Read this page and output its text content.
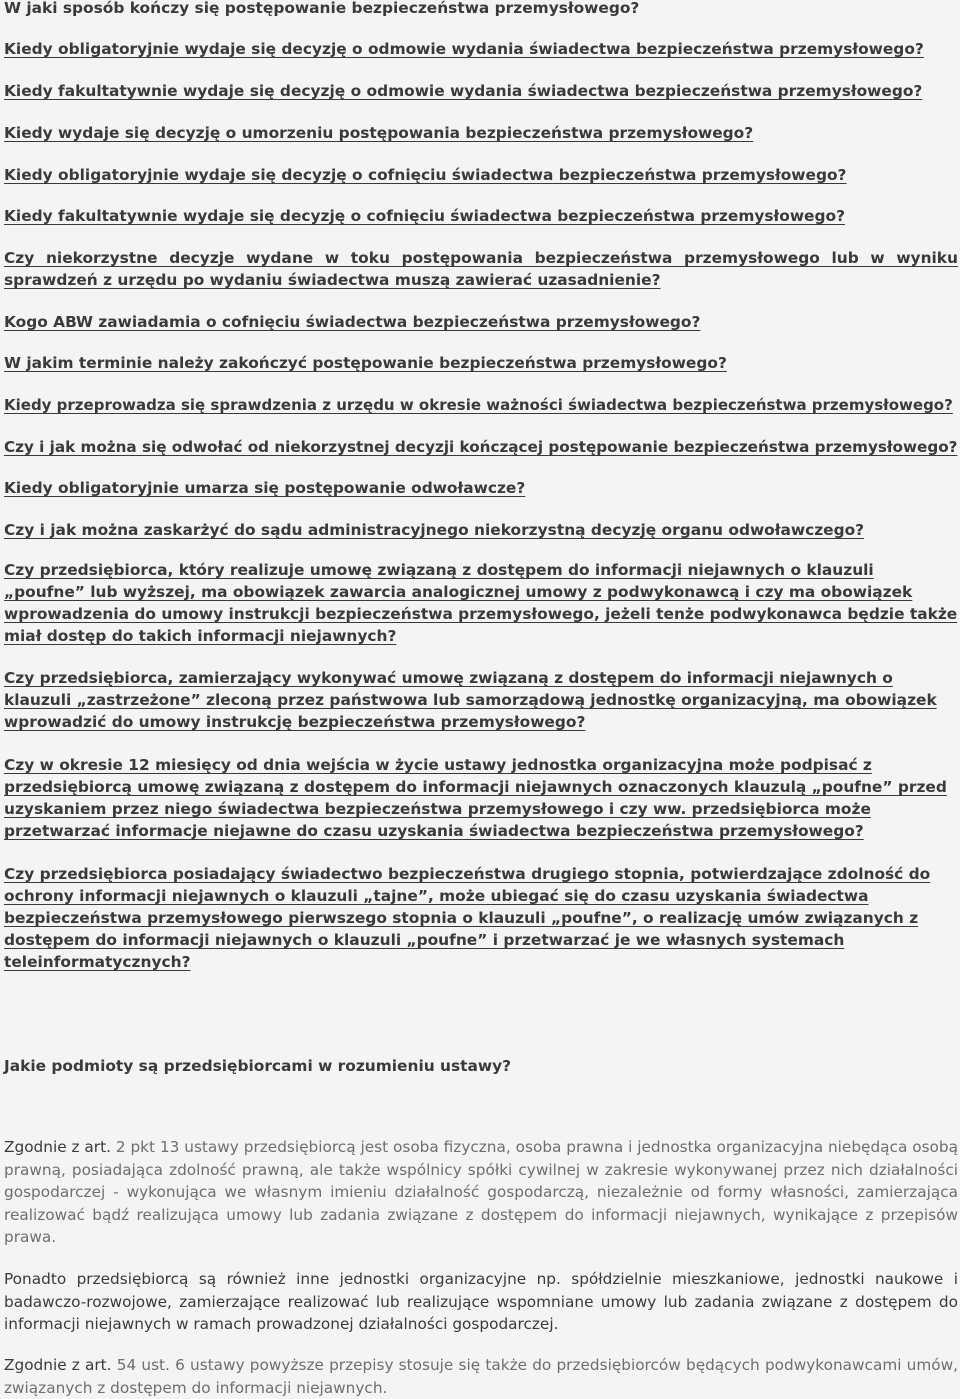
W jaki sposób kończy się postępowanie bezpieczeństwa przemysłowego?
Kiedy obligatoryjnie wydaje się decyzję o odmowie wydania świadectwa bezpieczeństwa przemysłowego?
Kiedy fakultatywnie wydaje się decyzję o odmowie wydania świadectwa bezpieczeństwa przemysłowego?
Kiedy wydaje się decyzję o umorzeniu postępowania bezpieczeństwa przemysłowego?
Kiedy obligatoryjnie wydaje się decyzję o cofnięciu świadectwa bezpieczeństwa przemysłowego?
Kiedy fakultatywnie wydaje się decyzję o cofnięciu świadectwa bezpieczeństwa przemysłowego?
Czy niekorzystne decyzje wydane w toku postępowania bezpieczeństwa przemysłowego lub w wyniku sprawdzeń z urzędu po wydaniu świadectwa muszą zawierać uzasadnienie?
Kogo ABW zawiadamia o cofnięciu świadectwa bezpieczeństwa przemysłowego?
W jakim terminie należy zakończyć postępowanie bezpieczeństwa przemysłowego?
Kiedy przeprowadza się sprawdzenia z urzędu w okresie ważności świadectwa bezpieczeństwa przemysłowego?
Czy i jak można się odwołać od niekorzystnej decyzji kończącej postępowanie bezpieczeństwa przemysłowego?
Kiedy obligatoryjnie umarza się postępowanie odwoławcze?
Czy i jak można zaskarżyć do sądu administracyjnego niekorzystną decyzję organu odwoławczego?
Czy przedsiębiorca, który realizuje umowę związaną z dostępem do informacji niejawnych o klauzuli „poufne” lub wyższej, ma obowiązek zawarcia analogicznej umowy z podwykonawcą i czy ma obowiązek wprowadzenia do umowy instrukcji bezpieczeństwa przemysłowego, jeżeli tenże podwykonawca będzie także miał dostęp do takich informacji niejawnych?
Czy przedsiębiorca, zamierzający wykonywać umowę związaną z dostępem do informacji niejawnych o klauzuli „zastrzeżone” zleconą przez państwowa lub samorządową jednostkę organizacyjną, ma obowiązek wprowadzić do umowy instrukcję bezpieczeństwa przemysłowego?
Czy w okresie 12 miesięcy od dnia wejścia w życie ustawy jednostka organizacyjna może podpisać z przedsiębiorcą umowę związaną z dostępem do informacji niejawnych oznaczonych klauzulą „poufne” przed uzyskaniem przez niego świadectwa bezpieczeństwa przemysłowego i czy ww. przedsiębiorca może przetwarzać informacje niejawne do czasu uzyskania świadectwa bezpieczeństwa przemysłowego?
Czy przedsiębiorca posiadający świadectwo bezpieczeństwa drugiego stopnia, potwierdzające zdolność do ochrony informacji niejawnych o klauzuli „tajne”, może ubiegać się do czasu uzyskania świadectwa bezpieczeństwa przemysłowego pierwszego stopnia o klauzuli „poufne”, o realizację umów związanych z dostępem do informacji niejawnych o klauzuli „poufne” i przetwarzać je we własnych systemach teleinformatycznych?

Jakie podmioty są przedsiębiorcami w rozumieniu ustawy?

Zgodnie z art. 2 pkt 13 ustawy przedsiębiorcą jest osoba fizyczna, osoba prawna i jednostka organizacyjna niebędąca osobą prawną, posiadająca zdolność prawną, ale także wspólnicy spółki cywilnej w zakresie wykonywanej przez nich działalności gospodarczej - wykonująca we własnym imieniu działalność gospodarczą, niezależnie od formy własności, zamierzająca realizować bądź realizująca umowy lub zadania związane z dostępem do informacji niejawnych, wynikające z przepisów prawa.

Ponadto przedsiębiorcą są również inne jednostki organizacyjne np. spółdzielnie mieszkaniowe, jednostki naukowe i badawczo-rozwojowe, zamierzające realizować lub realizujące wspomniane umowy lub zadania związane z dostępem do informacji niejawnych w ramach prowadzonej działalności gospodarczej.

Zgodnie z art. 54 ust. 6 ustawy powyższe przepisy stosuje się także do przedsiębiorców będących podwykonawcami umów, związanych z dostępem do informacji niejawnych.
